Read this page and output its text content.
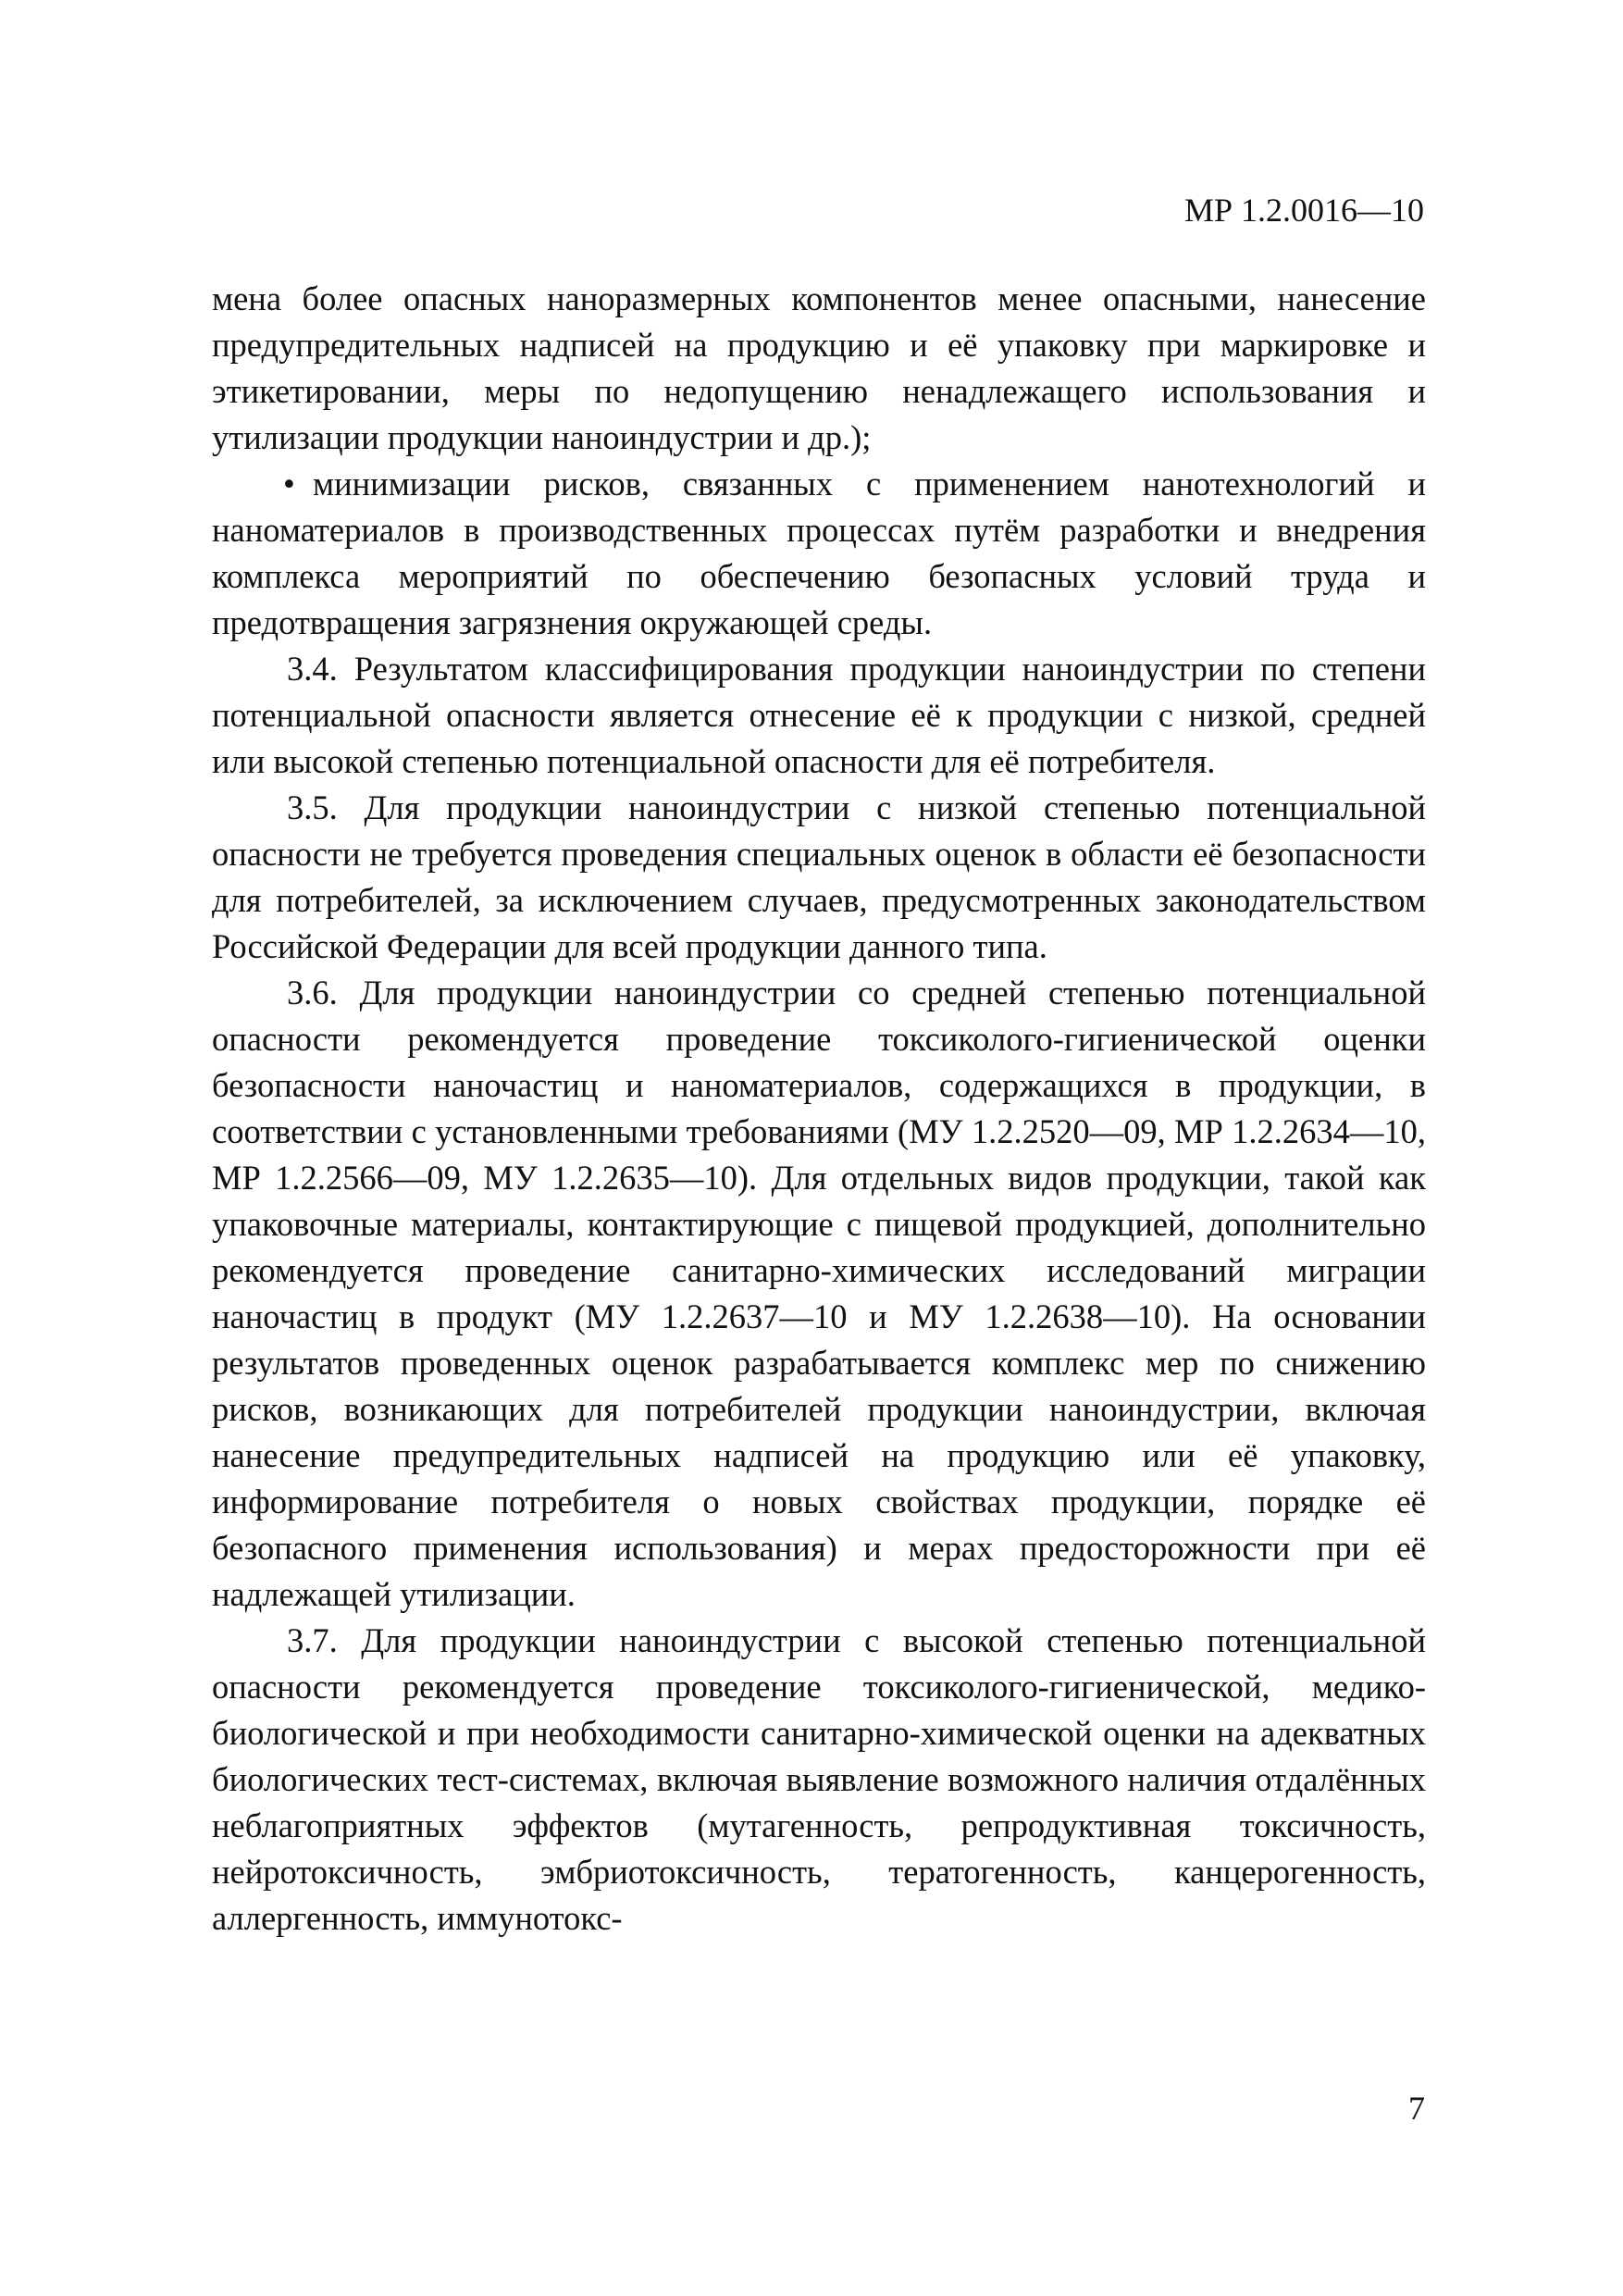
МР 1.2.0016—10

мена более опасных наноразмерных компонентов менее опасными, нанесение предупредительных надписей на продукцию и её упаковку при маркировке и этикетировании, меры по недопущению ненадлежащего использования и утилизации продукции наноиндустрии и др.);

• минимизации рисков, связанных с применением нанотехнологий и наноматериалов в производственных процессах путём разработки и внедрения комплекса мероприятий по обеспечению безопасных условий труда и предотвращения загрязнения окружающей среды.

3.4. Результатом классифицирования продукции наноиндустрии по степени потенциальной опасности является отнесение её к продукции с низкой, средней или высокой степенью потенциальной опасности для её потребителя.

3.5. Для продукции наноиндустрии с низкой степенью потенциальной опасности не требуется проведения специальных оценок в области её безопасности для потребителей, за исключением случаев, предусмотренных законодательством Российской Федерации для всей продукции данного типа.

3.6. Для продукции наноиндустрии со средней степенью потенциальной опасности рекомендуется проведение токсиколого-гигиенической оценки безопасности наночастиц и наноматериалов, содержащихся в продукции, в соответствии с установленными требованиями (МУ 1.2.2520—09, МР 1.2.2634—10, МР 1.2.2566—09, МУ 1.2.2635—10). Для отдельных видов продукции, такой как упаковочные материалы, контактирующие с пищевой продукцией, дополнительно рекомендуется проведение санитарно-химических исследований миграции наночастиц в продукт (МУ 1.2.2637—10 и МУ 1.2.2638—10). На основании результатов проведенных оценок разрабатывается комплекс мер по снижению рисков, возникающих для потребителей продукции наноиндустрии, включая нанесение предупредительных надписей на продукцию или её упаковку, информирование потребителя о новых свойствах продукции, порядке её безопасного применения использования) и мерах предосторожности при её надлежащей утилизации.

3.7. Для продукции наноиндустрии с высокой степенью потенциальной опасности рекомендуется проведение токсиколого-гигиенической, медико-биологической и при необходимости санитарно-химической оценки на адекватных биологических тест-системах, включая выявление возможного наличия отдалённых неблагоприятных эффектов (мутагенность, репродуктивная токсичность, нейротоксичность, эмбриотоксичность, тератогенность, канцерогенность, аллергенность, иммунотокс-

7
